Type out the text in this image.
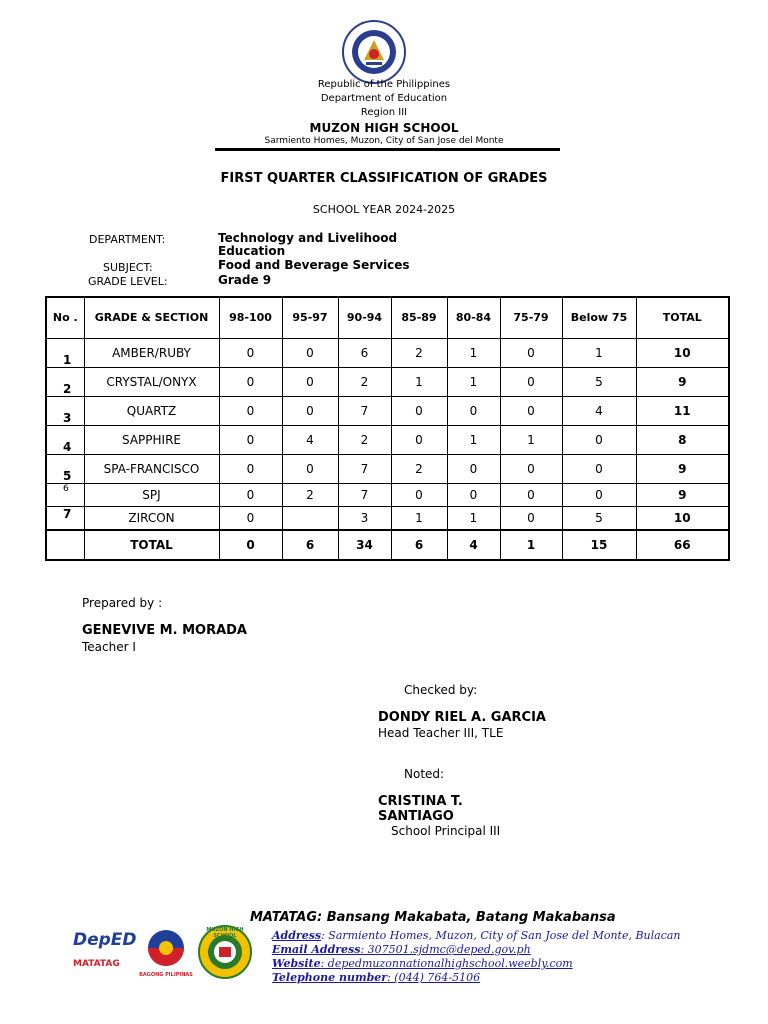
Republic of the Philippines
Department of Education
Region III
MUZON HIGH SCHOOL
Sarmiento Homes, Muzon, City of San Jose del Monte
FIRST QUARTER CLASSIFICATION OF GRADES
SCHOOL YEAR 2024-2025
DEPARTMENT:	Technology and Livelihood Education
SUBJECT:	Food and Beverage Services
GRADE LEVEL:	Grade 9
No .	GRADE & SECTION	98-100	95-97	90-94	85-89	80-84	75-79	Below 75	TOTAL
1	AMBER/RUBY	0	0	6	2	1	0	1	10
2	CRYSTAL/ONYX	0	0	2	1	1	0	5	9
3	QUARTZ	0	0	7	0	0	0	4	11
4	SAPPHIRE	0	4	2	0	1	1	0	8
5	SPA-FRANCISCO	0	0	7	2	0	0	0	9
6	SPJ	0	2	7	0	0	0	0	9
7	ZIRCON	0		3	1	1	0	5	10
	TOTAL	0	6	34	6	4	1	15	66
Prepared by :
GENEVIVE M. MORADA
Teacher I
Checked by:
DONDY RIEL A. GARCIA
Head Teacher III, TLE
Noted:
CRISTINA T. SANTIAGO
School Principal III
MATATAG: Bansang Makabata, Batang Makabansa
DepED
MATATAG
BAGONG PILIPINAS
MUZON HIGH SCHOOL	Address: Sarmiento Homes, Muzon, City of San Jose del Monte, Bulacan
Email Address: 307501.sjdmc@deped.gov.ph
Website: depedmuzonnationalhighschool.weebly.com
Telephone number: (044) 764-5106
